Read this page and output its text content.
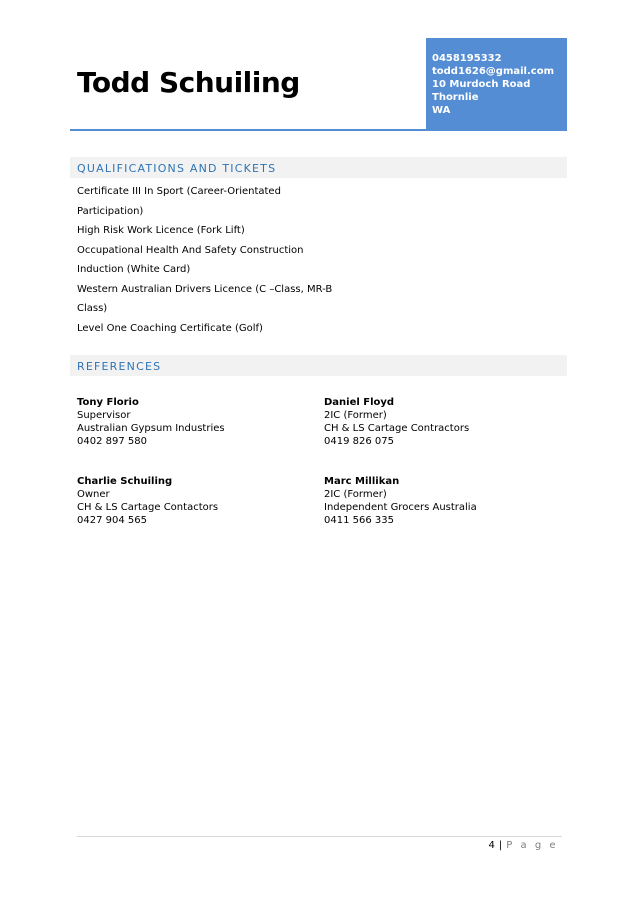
Todd Schuiling
0458195332
todd1626@gmail.com
10 Murdoch Road
Thornlie
WA
QUALIFICATIONS AND TICKETS
Certificate III In Sport (Career-Orientated
Participation)
High Risk Work Licence (Fork Lift)
Occupational Health And Safety Construction
Induction (White Card)
Western Australian Drivers Licence (C –Class, MR-B
Class)
Level One Coaching Certificate (Golf)
REFERENCES
Tony Florio
Supervisor
Australian Gypsum Industries
0402 897 580
Daniel Floyd
2IC (Former)
CH & LS Cartage Contractors
0419 826 075
Charlie Schuiling
Owner
CH & LS Cartage Contactors
0427 904 565
Marc Millikan
2IC (Former)
Independent Grocers Australia
0411 566 335
4 | P a g e
